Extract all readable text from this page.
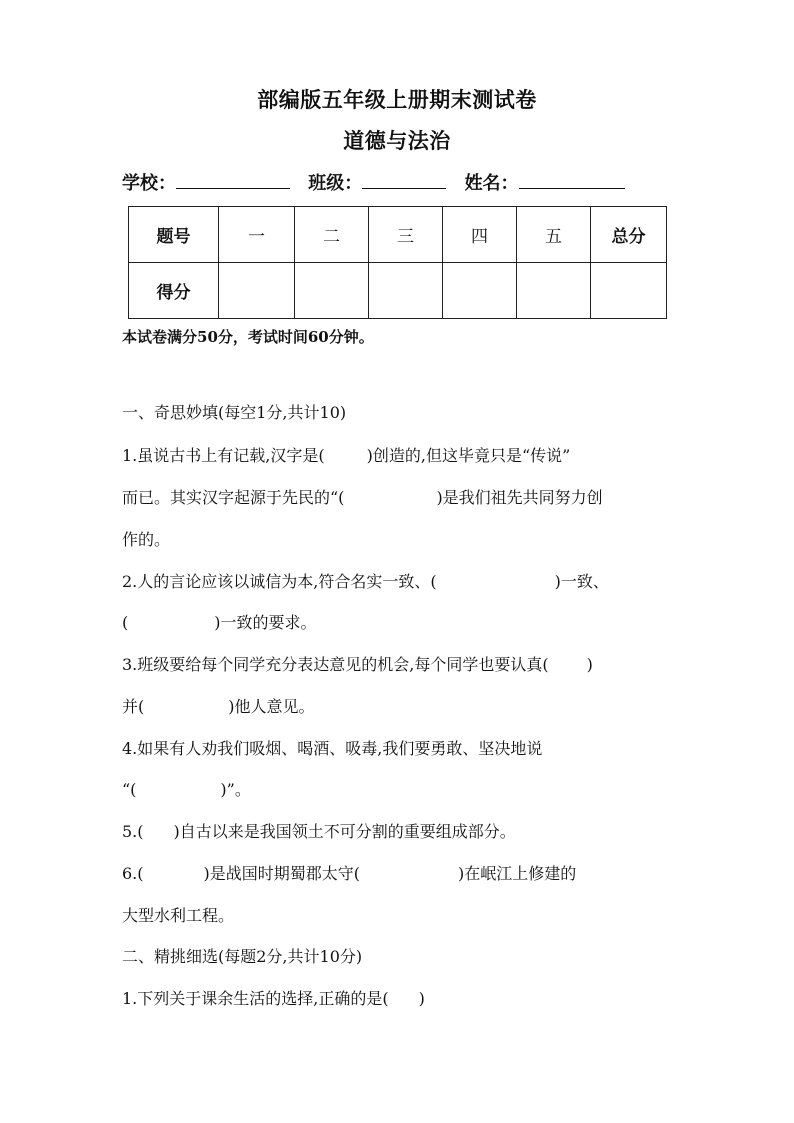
部编版五年级上册期末测试卷
道德与法治
学校：	班级：	姓名：
题号	一	二	三	四	五	总分
得分						
本试卷满分50分，考试时间60分钟。
一、奇思妙填(每空1分,共计10)
1.虽说古书上有记载,汉字是(	)创造的,但这毕竟只是“传说”
而已。其实汉字起源于先民的“(	)是我们祖先共同努力创
作的。
2.人的言论应该以诚信为本,符合名实一致、(	)一致、
(	)一致的要求。
3.班级要给每个同学充分表达意见的机会,每个同学也要认真( )
并(	)他人意见。
4.如果有人劝我们吸烟、喝酒、吸毒,我们要勇敢、坚决地说
“(	)”。
5.( )自古以来是我国领土不可分割的重要组成部分。
6.(	)是战国时期蜀郡太守(	)在岷江上修建的
大型水利工程。
二、精挑细选(每题2分,共计10分)
1.下列关于课余生活的选择,正确的是( )
